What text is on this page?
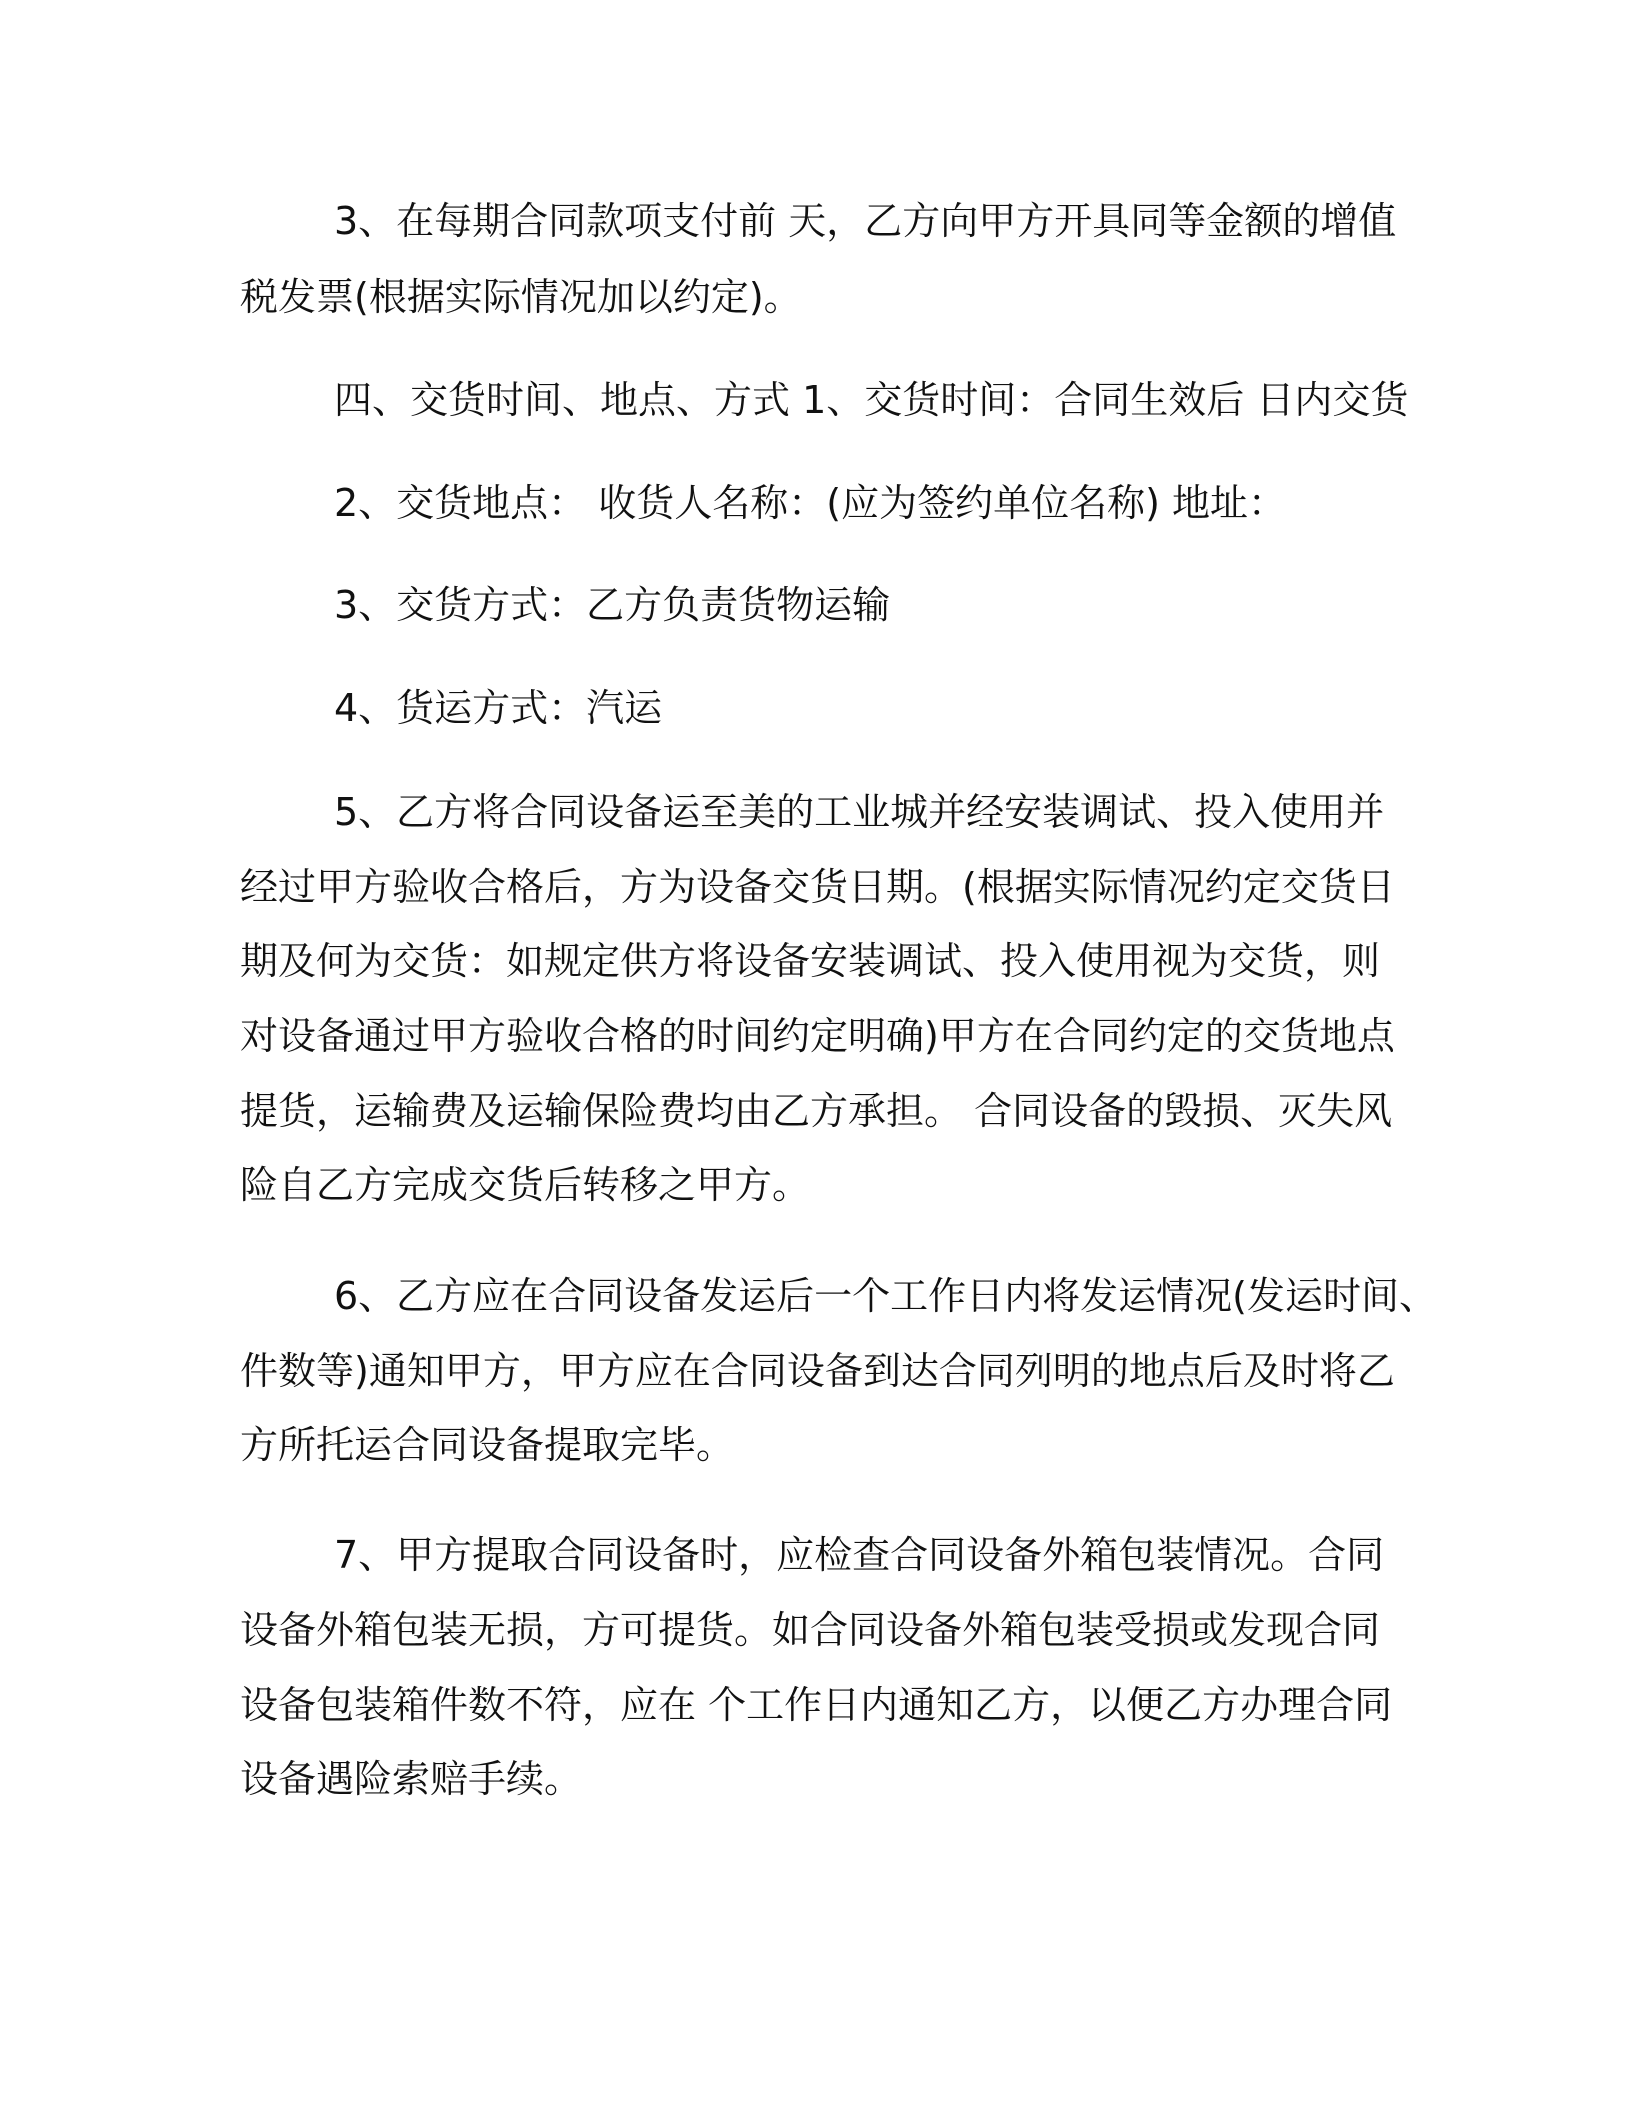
3、在每期合同款项支付前 天，乙方向甲方开具同等金额的增值

税发票(根据实际情况加以约定)。

四、交货时间、地点、方式 1、交货时间：合同生效后 日内交货

2、交货地点： 收货人名称：(应为签约单位名称) 地址：

3、交货方式：乙方负责货物运输

4、货运方式：汽运

5、乙方将合同设备运至美的工业城并经安装调试、投入使用并

经过甲方验收合格后，方为设备交货日期。(根据实际情况约定交货日

期及何为交货：如规定供方将设备安装调试、投入使用视为交货，则

对设备通过甲方验收合格的时间约定明确)甲方在合同约定的交货地点

提货，运输费及运输保险费均由乙方承担。 合同设备的毁损、灭失风

险自乙方完成交货后转移之甲方。

6、乙方应在合同设备发运后一个工作日内将发运情况(发运时间、

件数等)通知甲方，甲方应在合同设备到达合同列明的地点后及时将乙

方所托运合同设备提取完毕。

7、甲方提取合同设备时，应检查合同设备外箱包装情况。合同

设备外箱包装无损，方可提货。如合同设备外箱包装受损或发现合同

设备包装箱件数不符，应在 个工作日内通知乙方，以便乙方办理合同

设备遇险索赔手续。
